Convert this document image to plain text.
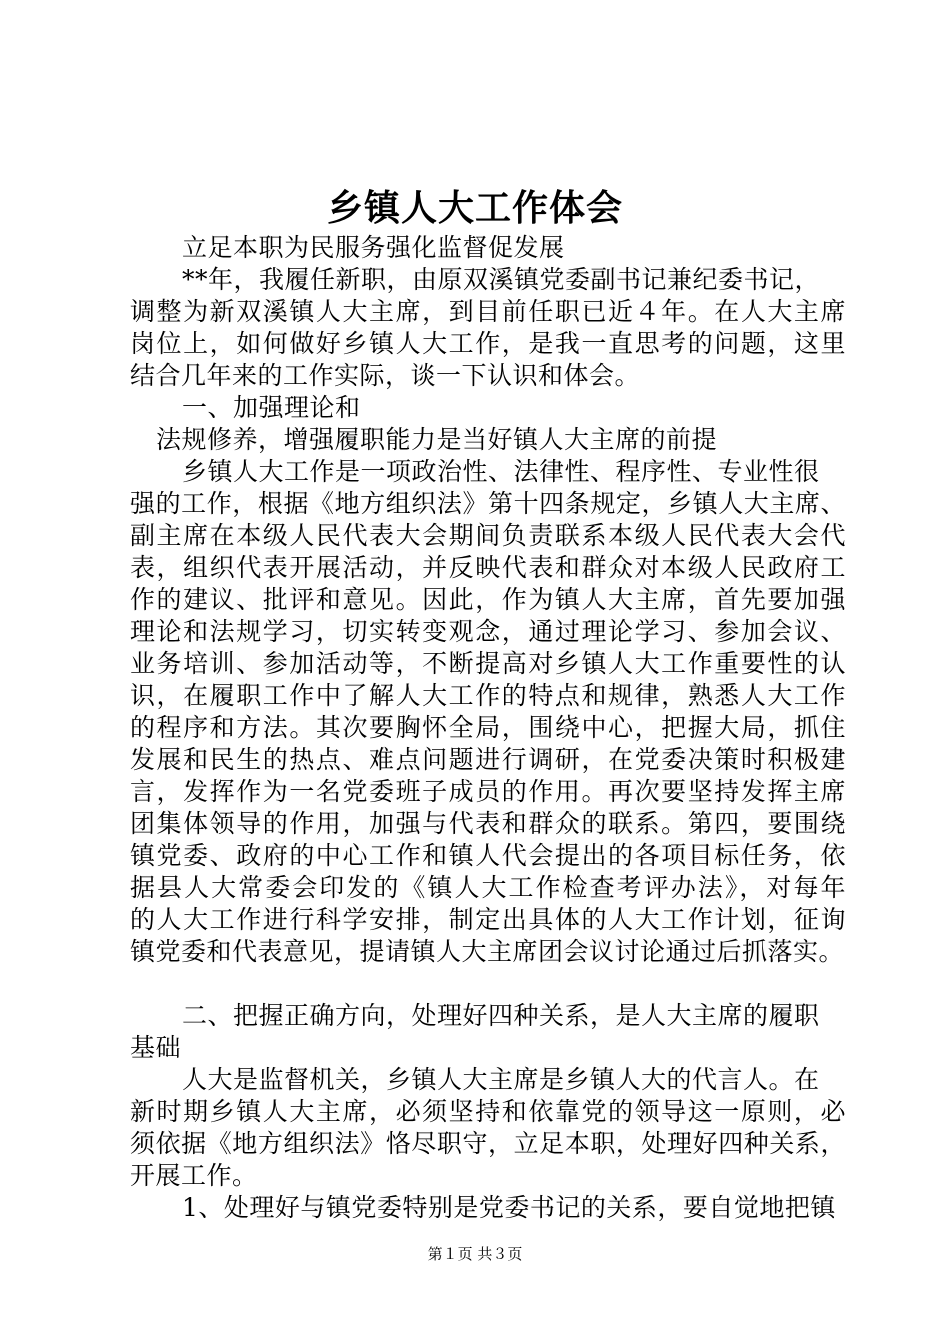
乡镇人大工作体会
立足本职为民服务强化监督促发展
**年，我履任新职，由原双溪镇党委副书记兼纪委书记，
调整为新双溪镇人大主席，到目前任职已近４年。在人大主席
岗位上，如何做好乡镇人大工作，是我一直思考的问题，这里
结合几年来的工作实际，谈一下认识和体会。
一、加强理论和
法规修养，增强履职能力是当好镇人大主席的前提
乡镇人大工作是一项政治性、法律性、程序性、专业性很
强的工作，根据《地方组织法》第十四条规定，乡镇人大主席、
副主席在本级人民代表大会期间负责联系本级人民代表大会代
表，组织代表开展活动，并反映代表和群众对本级人民政府工
作的建议、批评和意见。因此，作为镇人大主席，首先要加强
理论和法规学习，切实转变观念，通过理论学习、参加会议、
业务培训、参加活动等，不断提高对乡镇人大工作重要性的认
识，在履职工作中了解人大工作的特点和规律，熟悉人大工作
的程序和方法。其次要胸怀全局，围绕中心，把握大局，抓住
发展和民生的热点、难点问题进行调研，在党委决策时积极建
言，发挥作为一名党委班子成员的作用。再次要坚持发挥主席
团集体领导的作用，加强与代表和群众的联系。第四，要围绕
镇党委、政府的中心工作和镇人代会提出的各项目标任务，依
据县人大常委会印发的《镇人大工作检查考评办法》，对每年
的人大工作进行科学安排，制定出具体的人大工作计划，征询
镇党委和代表意见，提请镇人大主席团会议讨论通过后抓落实。
二、把握正确方向，处理好四种关系，是人大主席的履职
基础
人大是监督机关，乡镇人大主席是乡镇人大的代言人。在
新时期乡镇人大主席，必须坚持和依靠党的领导这一原则，必
须依据《地方组织法》恪尽职守，立足本职，处理好四种关系，
开展工作。
1、处理好与镇党委特别是党委书记的关系，要自觉地把镇
第１页 共３页
